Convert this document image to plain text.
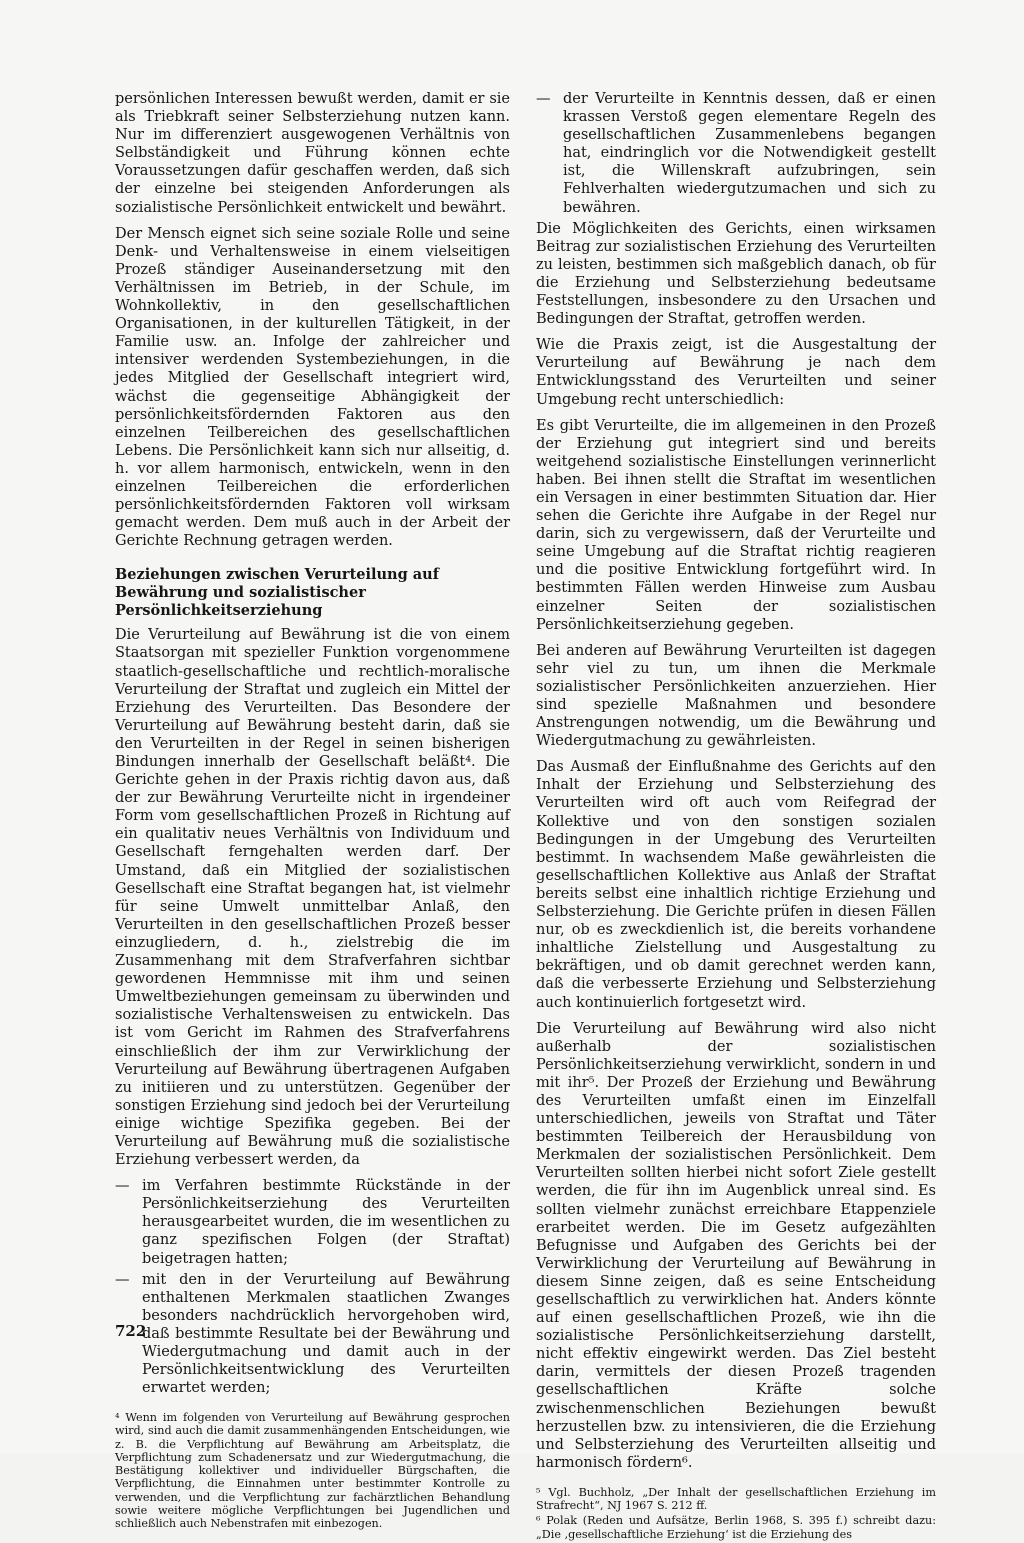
persönlichen Interessen bewußt werden, damit er sie als Triebkraft seiner Selbsterziehung nutzen kann. Nur im differenziert ausgewogenen Verhältnis von Selbständigkeit und Führung können echte Voraussetzungen dafür geschaffen werden, daß sich der einzelne bei steigenden Anforderungen als sozialistische Persönlichkeit entwickelt und bewährt.

Der Mensch eignet sich seine soziale Rolle und seine Denk- und Verhaltensweise in einem vielseitigen Prozeß ständiger Auseinandersetzung mit den Verhältnissen im Betrieb, in der Schule, im Wohnkollektiv, in den gesellschaftlichen Organisationen, in der kulturellen Tätigkeit, in der Familie usw. an. Infolge der zahlreicher und intensiver werdenden Systembeziehungen, in die jedes Mitglied der Gesellschaft integriert wird, wächst die gegenseitige Abhängigkeit der persönlichkeitsfördernden Faktoren aus den einzelnen Teilbereichen des gesellschaftlichen Lebens. Die Persönlichkeit kann sich nur allseitig, d. h. vor allem harmonisch, entwickeln, wenn in den einzelnen Teilbereichen die erforderlichen persönlichkeitsfördernden Faktoren voll wirksam gemacht werden. Dem muß auch in der Arbeit der Gerichte Rechnung getragen werden.

Beziehungen zwischen Verurteilung auf Bewährung und sozialistischer Persönlichkeitserziehung

Die Verurteilung auf Bewährung ist die von einem Staatsorgan mit spezieller Funktion vorgenommene staatlich-gesellschaftliche und rechtlich-moralische Verurteilung der Straftat und zugleich ein Mittel der Erziehung des Verurteilten. Das Besondere der Verurteilung auf Bewährung besteht darin, daß sie den Verurteilten in der Regel in seinen bisherigen Bindungen innerhalb der Gesellschaft beläßt⁴. Die Gerichte gehen in der Praxis richtig davon aus, daß der zur Bewährung Verurteilte nicht in irgendeiner Form vom gesellschaftlichen Prozeß in Richtung auf ein qualitativ neues Verhältnis von Individuum und Gesellschaft ferngehalten werden darf. Der Umstand, daß ein Mitglied der sozialistischen Gesellschaft eine Straftat begangen hat, ist vielmehr für seine Umwelt unmittelbar Anlaß, den Verurteilten in den gesellschaftlichen Prozeß besser einzugliedern, d. h., zielstrebig die im Zusammenhang mit dem Strafverfahren sichtbar gewordenen Hemmnisse mit ihm und seinen Umweltbeziehungen gemeinsam zu überwinden und sozialistische Verhaltensweisen zu entwickeln. Das ist vom Gericht im Rahmen des Strafverfahrens einschließlich der ihm zur Verwirklichung der Verurteilung auf Bewährung übertragenen Aufgaben zu initiieren und zu unterstützen. Gegenüber der sonstigen Erziehung sind jedoch bei der Verurteilung einige wichtige Spezifika gegeben. Bei der Verurteilung auf Bewährung muß die sozialistische Erziehung verbessert werden, da

— im Verfahren bestimmte Rückstände in der Persönlichkeitserziehung des Verurteilten herausgearbeitet wurden, die im wesentlichen zu ganz spezifischen Folgen (der Straftat) beigetragen hatten;
— mit den in der Verurteilung auf Bewährung enthaltenen Merkmalen staatlichen Zwanges besonders nachdrücklich hervorgehoben wird, daß bestimmte Resultate bei der Bewährung und Wiedergutmachung und damit auch in der Persönlichkeitsentwicklung des Verurteilten erwartet werden;

⁴ Wenn im folgenden von Verurteilung auf Bewährung gesprochen wird, sind auch die damit zusammenhängenden Entscheidungen, wie z. B. die Verpflichtung auf Bewährung am Arbeitsplatz, die Verpflichtung zum Schadenersatz und zur Wiedergutmachung, die Bestätigung kollektiver und individueller Bürgschaften, die Verpflichtung, die Einnahmen unter bestimmter Kontrolle zu verwenden, und die Verpflichtung zur fachärztlichen Behandlung sowie weitere mögliche Verpflichtungen bei Jugendlichen und schließlich auch Nebenstrafen mit einbezogen.

— der Verurteilte in Kenntnis dessen, daß er einen krassen Verstoß gegen elementare Regeln des gesellschaftlichen Zusammenlebens begangen hat, eindringlich vor die Notwendigkeit gestellt ist, die Willenskraft aufzubringen, sein Fehlverhalten wiedergutzumachen und sich zu bewähren.

Die Möglichkeiten des Gerichts, einen wirksamen Beitrag zur sozialistischen Erziehung des Verurteilten zu leisten, bestimmen sich maßgeblich danach, ob für die Erziehung und Selbsterziehung bedeutsame Feststellungen, insbesondere zu den Ursachen und Bedingungen der Straftat, getroffen werden.

Wie die Praxis zeigt, ist die Ausgestaltung der Verurteilung auf Bewährung je nach dem Entwicklungsstand des Verurteilten und seiner Umgebung recht unterschiedlich:

Es gibt Verurteilte, die im allgemeinen in den Prozeß der Erziehung gut integriert sind und bereits weitgehend sozialistische Einstellungen verinnerlicht haben. Bei ihnen stellt die Straftat im wesentlichen ein Versagen in einer bestimmten Situation dar. Hier sehen die Gerichte ihre Aufgabe in der Regel nur darin, sich zu vergewissern, daß der Verurteilte und seine Umgebung auf die Straftat richtig reagieren und die positive Entwicklung fortgeführt wird. In bestimmten Fällen werden Hinweise zum Ausbau einzelner Seiten der sozialistischen Persönlichkeitserziehung gegeben.

Bei anderen auf Bewährung Verurteilten ist dagegen sehr viel zu tun, um ihnen die Merkmale sozialistischer Persönlichkeiten anzuerziehen. Hier sind spezielle Maßnahmen und besondere Anstrengungen notwendig, um die Bewährung und Wiedergutmachung zu gewährleisten.

Das Ausmaß der Einflußnahme des Gerichts auf den Inhalt der Erziehung und Selbsterziehung des Verurteilten wird oft auch vom Reifegrad der Kollektive und von den sonstigen sozialen Bedingungen in der Umgebung des Verurteilten bestimmt. In wachsendem Maße gewährleisten die gesellschaftlichen Kollektive aus Anlaß der Straftat bereits selbst eine inhaltlich richtige Erziehung und Selbsterziehung. Die Gerichte prüfen in diesen Fällen nur, ob es zweckdienlich ist, die bereits vorhandene inhaltliche Zielstellung und Ausgestaltung zu bekräftigen, und ob damit gerechnet werden kann, daß die verbesserte Erziehung und Selbsterziehung auch kontinuierlich fortgesetzt wird.

Die Verurteilung auf Bewährung wird also nicht außerhalb der sozialistischen Persönlichkeitserziehung verwirklicht, sondern in und mit ihr⁵. Der Prozeß der Erziehung und Bewährung des Verurteilten umfaßt einen im Einzelfall unterschiedlichen, jeweils von Straftat und Täter bestimmten Teilbereich der Herausbildung von Merkmalen der sozialistischen Persönlichkeit. Dem Verurteilten sollten hierbei nicht sofort Ziele gestellt werden, die für ihn im Augenblick unreal sind. Es sollten vielmehr zunächst erreichbare Etappenziele erarbeitet werden. Die im Gesetz aufgezählten Befugnisse und Aufgaben des Gerichts bei der Verwirklichung der Verurteilung auf Bewährung in diesem Sinne zeigen, daß es seine Entscheidung gesellschaftlich zu verwirklichen hat. Anders könnte auf einen gesellschaftlichen Prozeß, wie ihn die sozialistische Persönlichkeitserziehung darstellt, nicht effektiv eingewirkt werden. Das Ziel besteht darin, vermittels der diesen Prozeß tragenden gesellschaftlichen Kräfte solche zwischenmenschlichen Beziehungen bewußt herzustellen bzw. zu intensivieren, die die Erziehung und Selbsterziehung des Verurteilten allseitig und harmonisch fördern⁶.

⁵ Vgl. Buchholz, „Der Inhalt der gesellschaftlichen Erziehung im Strafrecht“, NJ 1967 S. 212 ff.

⁶ Polak (Reden und Aufsätze, Berlin 1968, S. 395 f.) schreibt dazu: „Die ‚gesellschaftliche Erziehung‘ ist die Erziehung des

722
